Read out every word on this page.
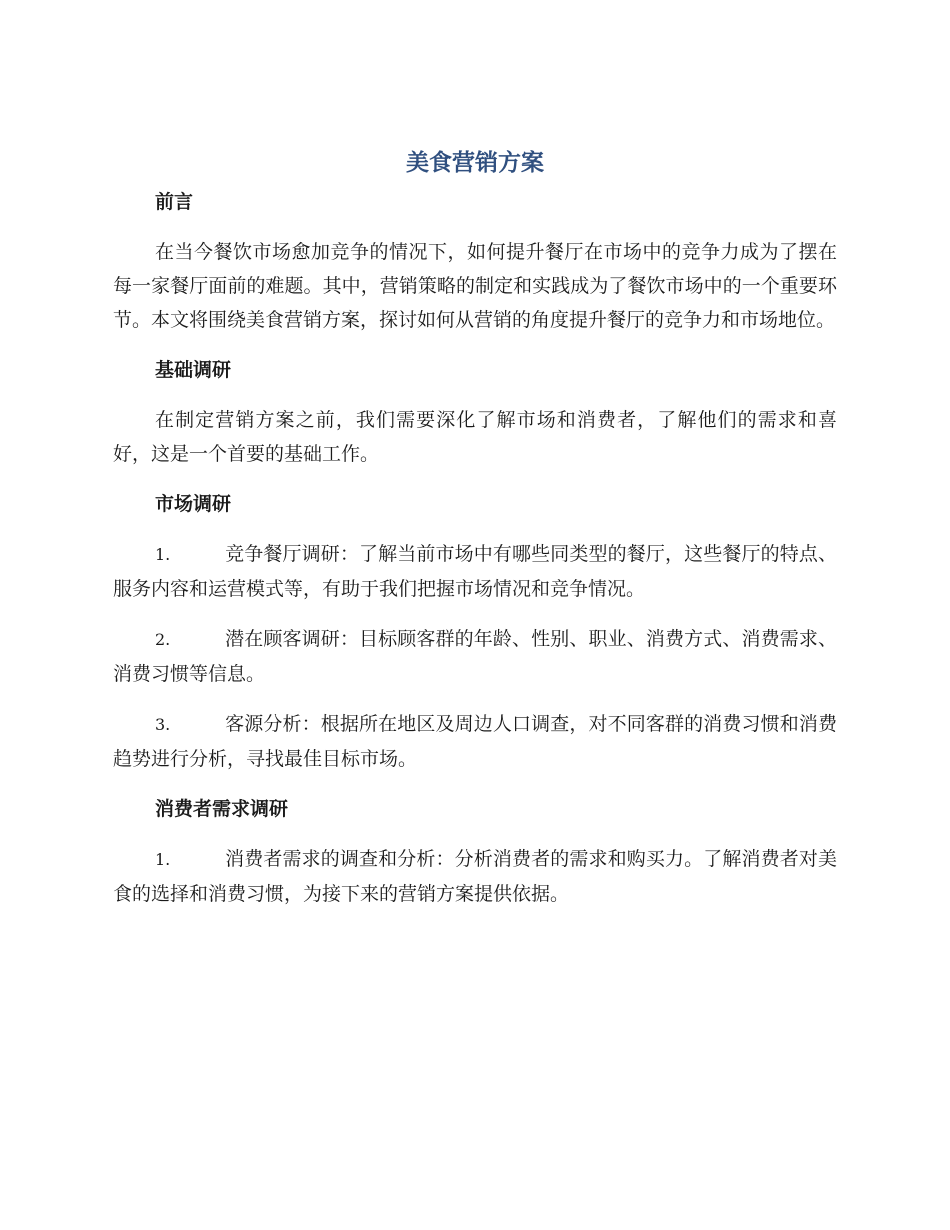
美食营销方案
前言
在当今餐饮市场愈加竞争的情况下，如何提升餐厅在市场中的竞争力成为了摆在每一家餐厅面前的难题。其中，营销策略的制定和实践成为了餐饮市场中的一个重要环节。本文将围绕美食营销方案，探讨如何从营销的角度提升餐厅的竞争力和市场地位。
基础调研
在制定营销方案之前，我们需要深化了解市场和消费者，了解他们的需求和喜好，这是一个首要的基础工作。
市场调研
1.	竞争餐厅调研：了解当前市场中有哪些同类型的餐厅，这些餐厅的特点、服务内容和运营模式等，有助于我们把握市场情况和竞争情况。
2.	潜在顾客调研：目标顾客群的年龄、性别、职业、消费方式、消费需求、消费习惯等信息。
3.	客源分析：根据所在地区及周边人口调查，对不同客群的消费习惯和消费趋势进行分析，寻找最佳目标市场。
消费者需求调研
1.	消费者需求的调查和分析：分析消费者的需求和购买力。了解消费者对美食的选择和消费习惯，为接下来的营销方案提供依据。
